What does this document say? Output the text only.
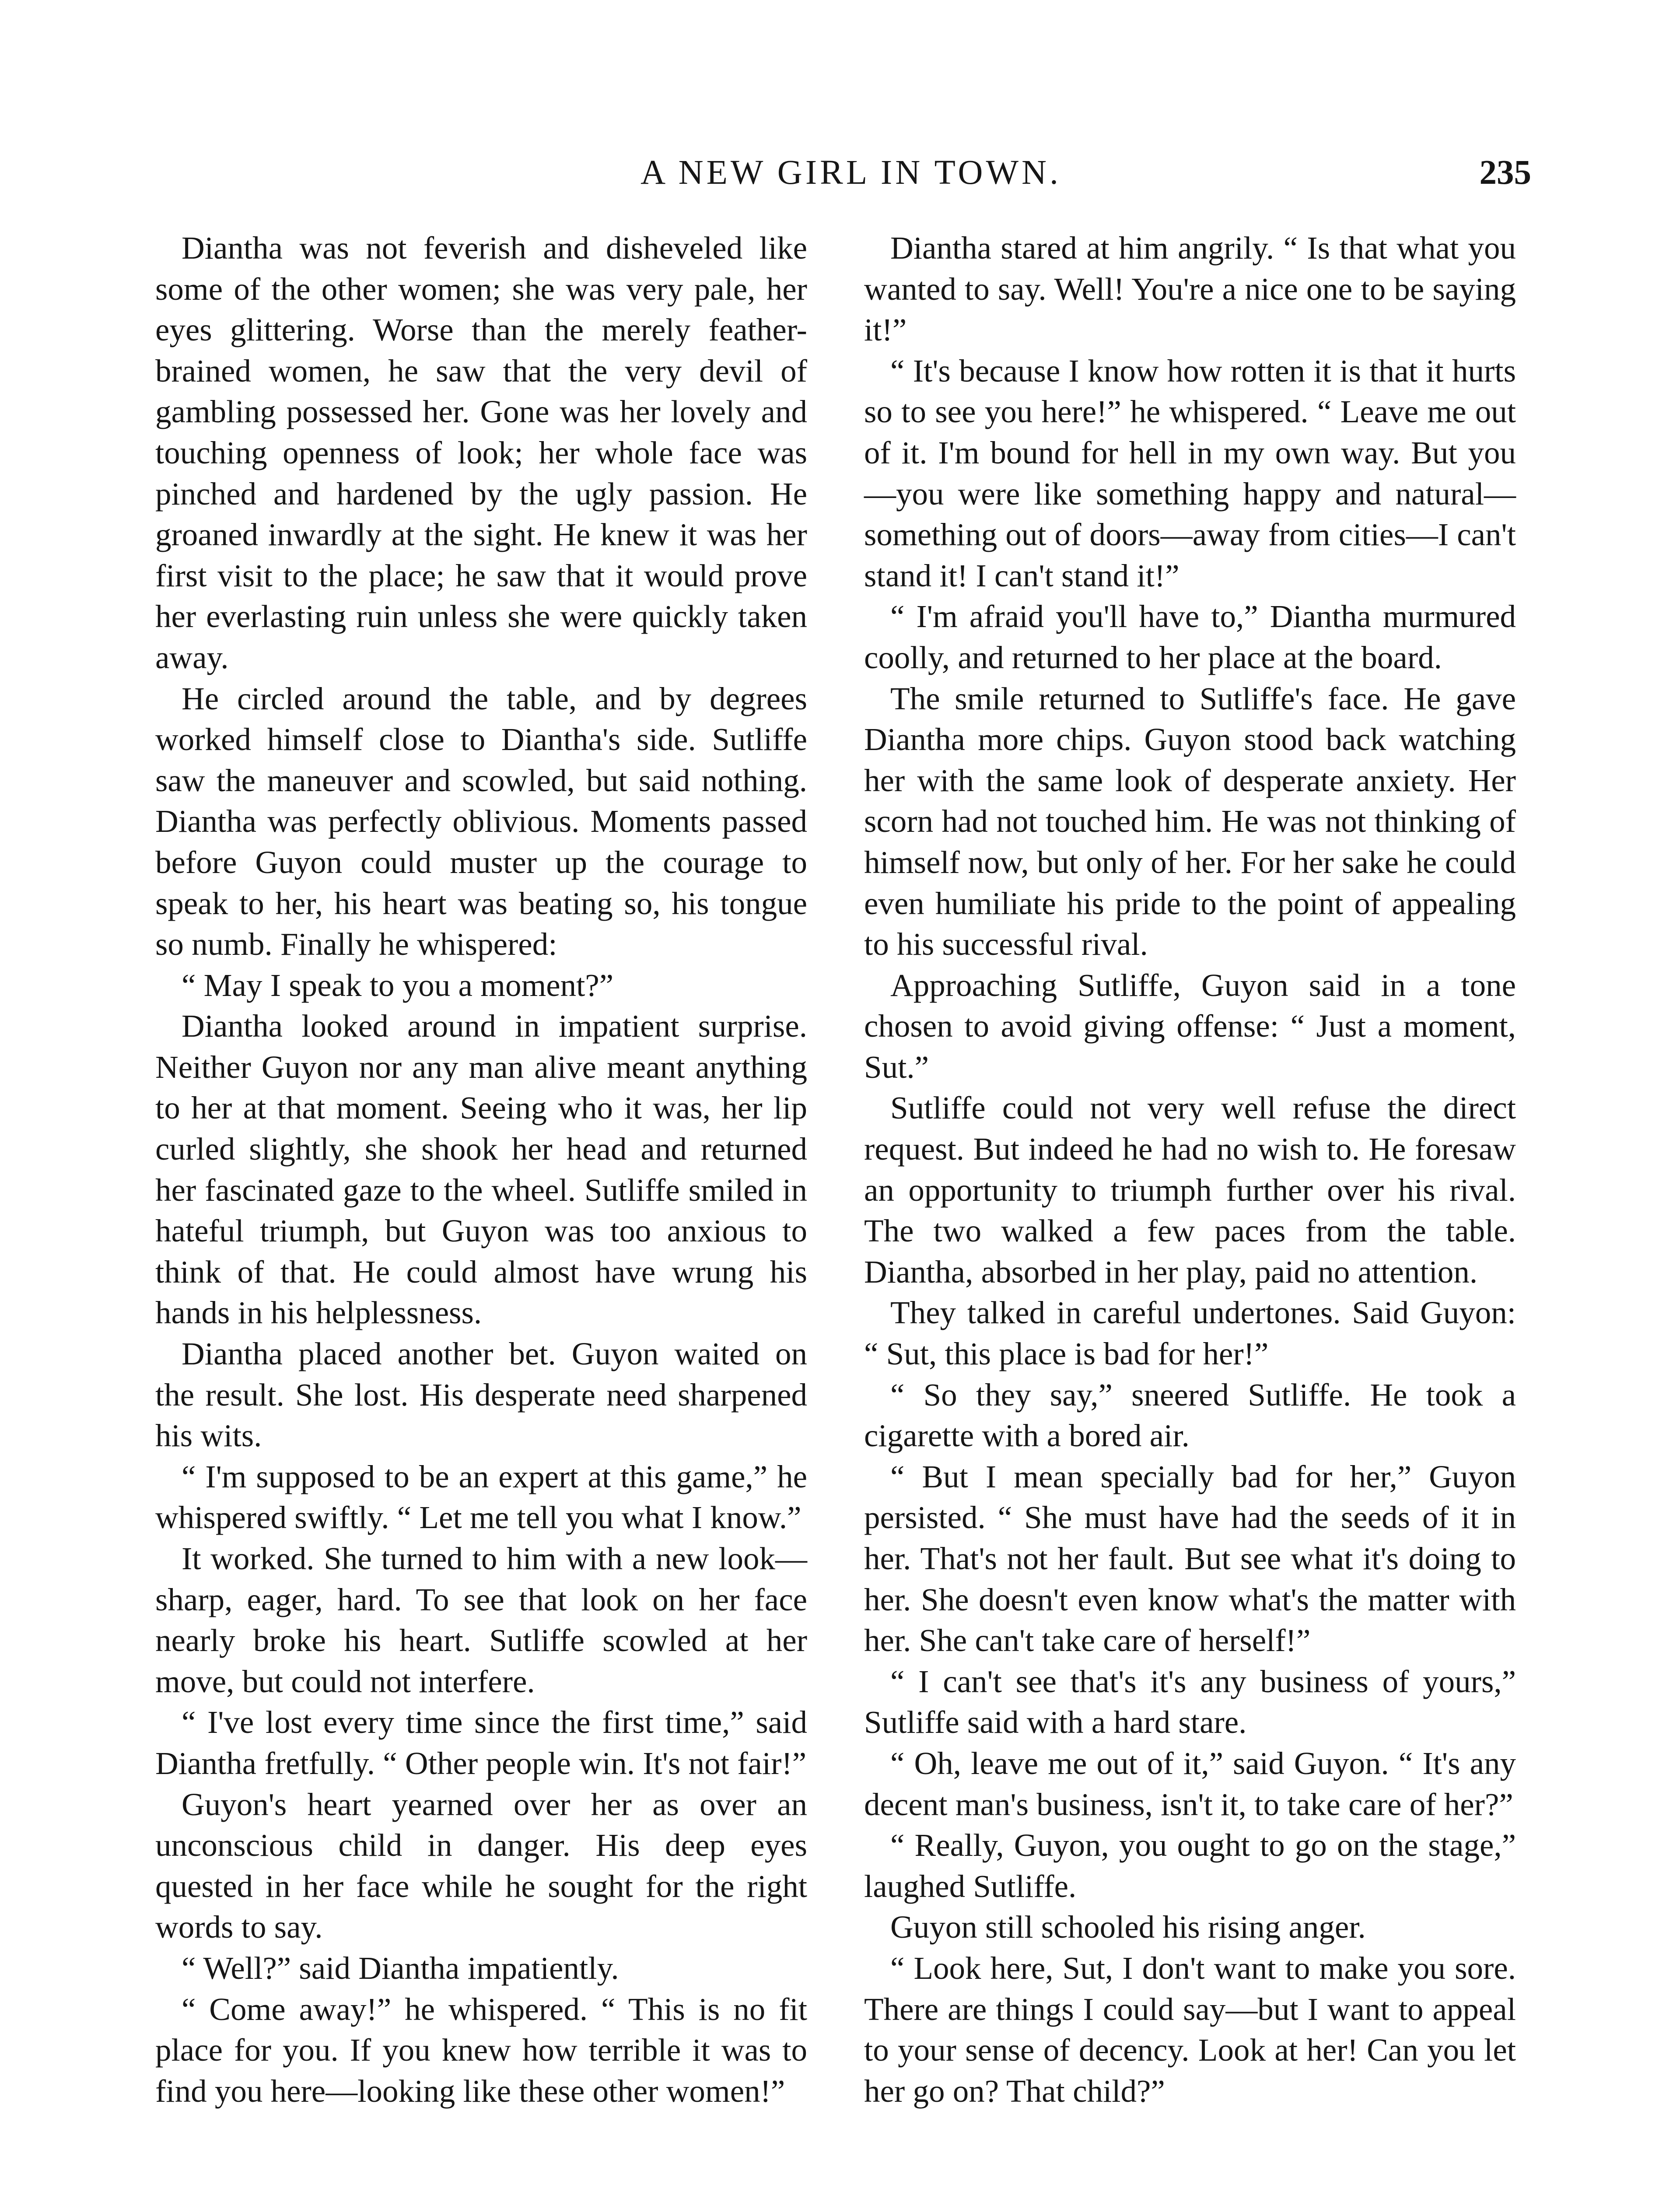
A NEW GIRL IN TOWN.	235

Diantha was not feverish and disheveled like some of the other women; she was very pale, her eyes glittering. Worse than the merely feather-brained women, he saw that the very devil of gambling possessed her. Gone was her lovely and touching openness of look; her whole face was pinched and hardened by the ugly passion. He groaned inwardly at the sight. He knew it was her first visit to the place; he saw that it would prove her everlasting ruin unless she were quickly taken away.

He circled around the table, and by degrees worked himself close to Diantha's side. Sutliffe saw the maneuver and scowled, but said nothing. Diantha was perfectly oblivious. Moments passed before Guyon could muster up the courage to speak to her, his heart was beating so, his tongue so numb. Finally he whispered:

“ May I speak to you a moment?”

Diantha looked around in impatient surprise. Neither Guyon nor any man alive meant anything to her at that moment. Seeing who it was, her lip curled slightly, she shook her head and returned her fascinated gaze to the wheel. Sutliffe smiled in hateful triumph, but Guyon was too anxious to think of that. He could almost have wrung his hands in his helplessness.

Diantha placed another bet. Guyon waited on the result. She lost. His desperate need sharpened his wits.

“ I'm supposed to be an expert at this game,” he whispered swiftly. “ Let me tell you what I know.”

It worked. She turned to him with a new look—sharp, eager, hard. To see that look on her face nearly broke his heart. Sutliffe scowled at her move, but could not interfere.

“ I've lost every time since the first time,” said Diantha fretfully. “ Other people win. It's not fair!”

Guyon's heart yearned over her as over an unconscious child in danger. His deep eyes quested in her face while he sought for the right words to say.

“ Well?” said Diantha impatiently.

“ Come away!” he whispered. “ This is no fit place for you. If you knew how terrible it was to find you here—looking like these other women!”

Diantha stared at him angrily. “ Is that what you wanted to say. Well! You're a nice one to be saying it!”

“ It's because I know how rotten it is that it hurts so to see you here!” he whispered. “ Leave me out of it. I'm bound for hell in my own way. But you—you were like something happy and natural—something out of doors—away from cities—I can't stand it! I can't stand it!”

“ I'm afraid you'll have to,” Diantha murmured coolly, and returned to her place at the board.

The smile returned to Sutliffe's face. He gave Diantha more chips. Guyon stood back watching her with the same look of desperate anxiety. Her scorn had not touched him. He was not thinking of himself now, but only of her. For her sake he could even humiliate his pride to the point of appealing to his successful rival.

Approaching Sutliffe, Guyon said in a tone chosen to avoid giving offense: “ Just a moment, Sut.”

Sutliffe could not very well refuse the direct request. But indeed he had no wish to. He foresaw an opportunity to triumph further over his rival. The two walked a few paces from the table. Diantha, absorbed in her play, paid no attention.

They talked in careful undertones. Said Guyon: “ Sut, this place is bad for her!”

“ So they say,” sneered Sutliffe. He took a cigarette with a bored air.

“ But I mean specially bad for her,” Guyon persisted. “ She must have had the seeds of it in her. That's not her fault. But see what it's doing to her. She doesn't even know what's the matter with her. She can't take care of herself!”

“ I can't see that's it's any business of yours,” Sutliffe said with a hard stare.

“ Oh, leave me out of it,” said Guyon. “ It's any decent man's business, isn't it, to take care of her?”

“ Really, Guyon, you ought to go on the stage,” laughed Sutliffe.

Guyon still schooled his rising anger.

“ Look here, Sut, I don't want to make you sore. There are things I could say—but I want to appeal to your sense of decency. Look at her! Can you let her go on? That child?”
